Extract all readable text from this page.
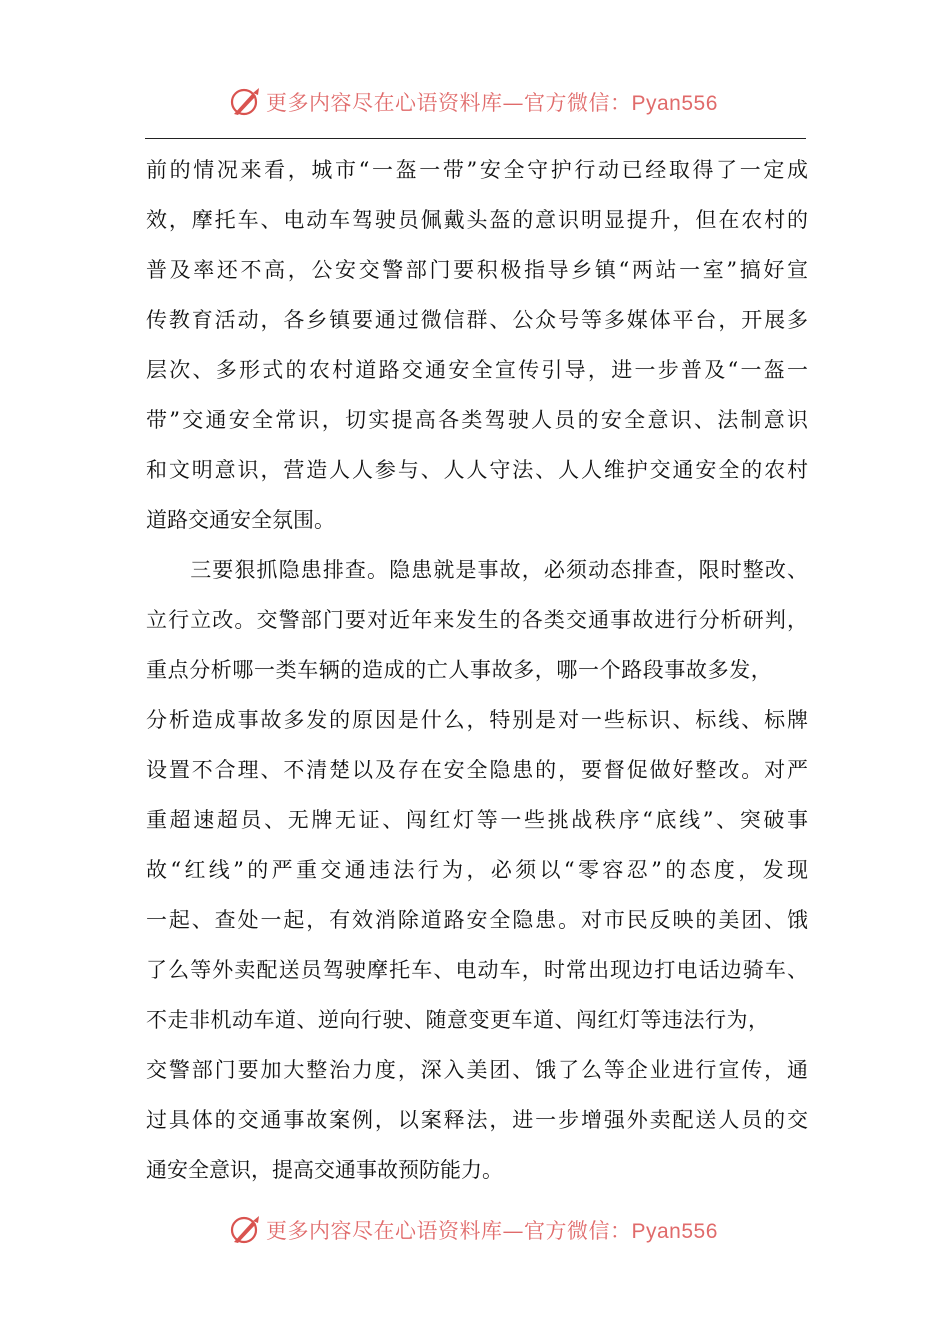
更多内容尽在心语资料库—官方微信：Pyan556
前的情况来看，城市“一盔一带”安全守护行动已经取得了一定成
效，摩托车、电动车驾驶员佩戴头盔的意识明显提升，但在农村的
普及率还不高，公安交警部门要积极指导乡镇“两站一室”搞好宣
传教育活动，各乡镇要通过微信群、公众号等多媒体平台，开展多
层次、多形式的农村道路交通安全宣传引导，进一步普及“一盔一
带”交通安全常识，切实提高各类驾驶人员的安全意识、法制意识
和文明意识，营造人人参与、人人守法、人人维护交通安全的农村
道路交通安全氛围。
　　三要狠抓隐患排查。隐患就是事故，必须动态排查，限时整改、
立行立改。交警部门要对近年来发生的各类交通事故进行分析研判，
重点分析哪一类车辆的造成的亡人事故多，哪一个路段事故多发，
分析造成事故多发的原因是什么，特别是对一些标识、标线、标牌
设置不合理、不清楚以及存在安全隐患的，要督促做好整改。对严
重超速超员、无牌无证、闯红灯等一些挑战秩序“底线”、突破事
故“红线”的严重交通违法行为，必须以“零容忍”的态度，发现
一起、查处一起，有效消除道路安全隐患。对市民反映的美团、饿
了么等外卖配送员驾驶摩托车、电动车，时常出现边打电话边骑车、
不走非机动车道、逆向行驶、随意变更车道、闯红灯等违法行为，
交警部门要加大整治力度，深入美团、饿了么等企业进行宣传，通
过具体的交通事故案例，以案释法，进一步增强外卖配送人员的交
通安全意识，提高交通事故预防能力。
更多内容尽在心语资料库—官方微信：Pyan556
